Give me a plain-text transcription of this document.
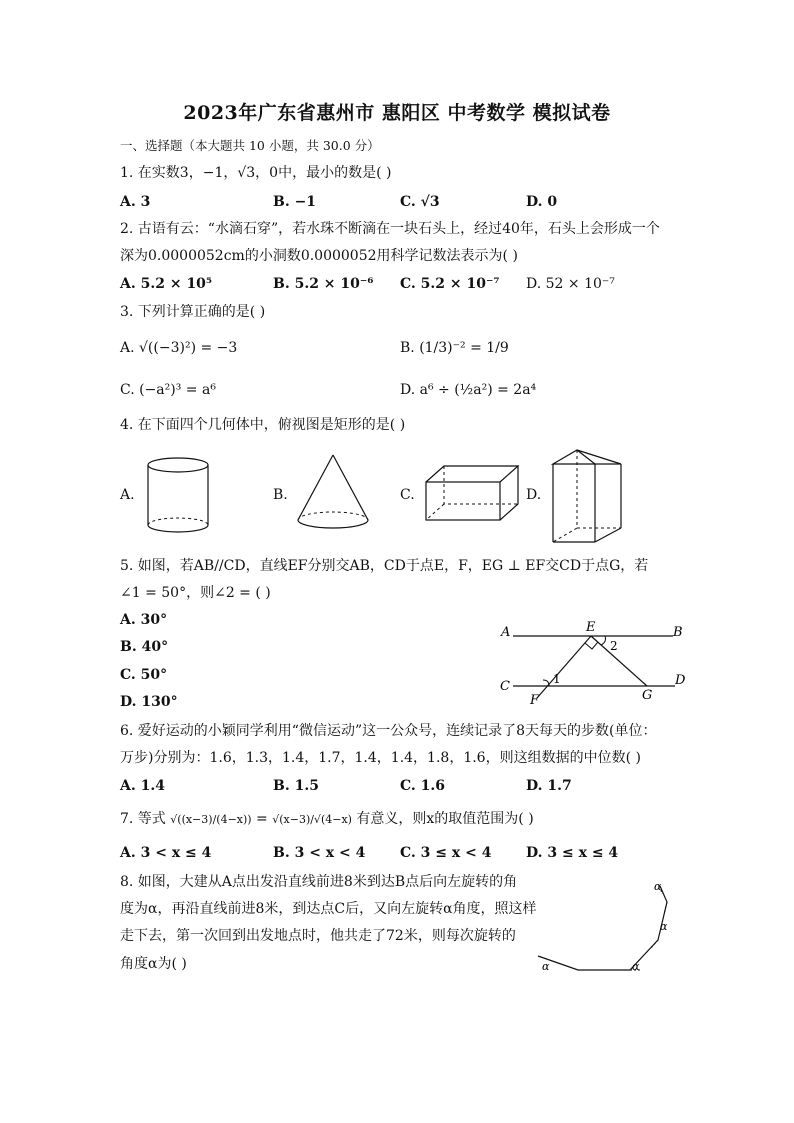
2023年广东省惠州市 惠阳区 中考数学 模拟试卷
一、选择题（本大题共 10 小题，共 30.0 分）
1. 在实数3，−1，√3，0中，最小的数是( )
A. 3	B. −1	C. √3	D. 0
2. 古语有云：“水滴石穿”，若水珠不断滴在一块石头上，经过40年，石头上会形成一个
深为0.0000052cm的小洞数0.0000052用科学记数法表示为( )
A. 5.2 × 10⁵	B. 5.2 × 10⁻⁶ C. 5.2 × 10⁻⁷ D. 52 × 10⁻⁷
3. 下列计算正确的是( )
A. √((−3)²) = −3	B. (1/3)⁻² = 1/9
C. (−a²)³ = a⁶	D. a⁶ ÷ (½a²) = 2a⁴
4. 在下面四个几何体中，俯视图是矩形的是( )
A.	B.	C.	D.
5. 如图，若AB//CD，直线EF分别交AB，CD于点E，F，EG ⊥ EF交CD于点G，若
∠1 = 50°，则∠2 = ( )
A. 30°
B. 40°
C. 50°
D. 130°
A	E	B
2
C	1
F	G
D
6. 爱好运动的小颖同学利用“微信运动”这一公众号，连续记录了8天每天的步数(单位：
万步)分别为：1.6，1.3，1.4，1.7，1.4，1.4，1.8，1.6，则这组数据的中位数( )
A. 1.4	B. 1.5	C. 1.6	D. 1.7
7. 等式 √((x−3)/(4−x)) = √(x−3)/√(4−x) 有意义，则x的取值范围为( )
A. 3 < x ≤ 4	B. 3 < x < 4 C. 3 ≤ x < 4 D. 3 ≤ x ≤ 4
8. 如图，大建从A点出发沿直线前进8米到达B点后向左旋转的角
度为α，再沿直线前进8米，到达点C后，又向左旋转α角度，照这样
走下去，第一次回到出发地点时，他共走了72米，则每次旋转的
角度α为( )
α
α
α	α
